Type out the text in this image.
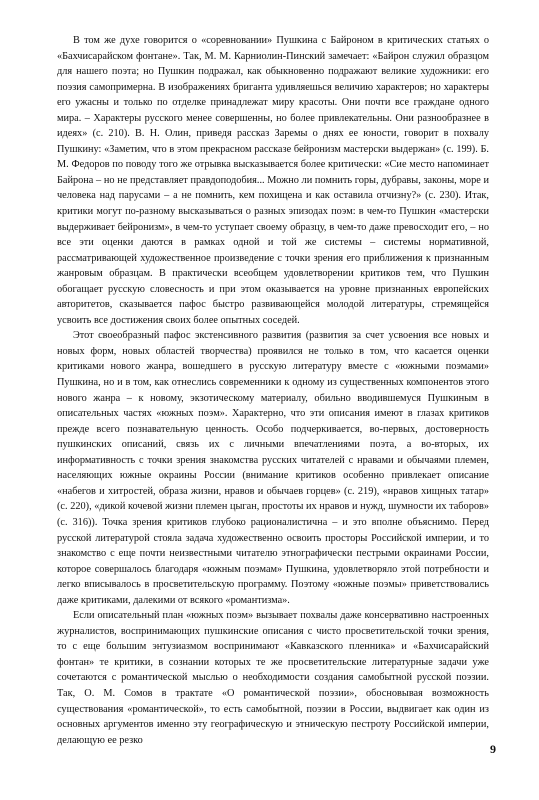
В том же духе говорится о «соревновании» Пушкина с Байроном в критических статьях о «Бахчисарайском фонтане». Так, М. М. Карниолин-Пинский замечает: «Байрон служил образцом для нашего поэта; но Пушкин подражал, как обыкновенно подражают великие художники: его поэзия самопримерна. В изображениях бриганта удивляешься величию характеров; но характеры его ужасны и только по отделке принадлежат миру красоты. Они почти все граждане одного мира. – Характеры русского менее совершенны, но более привлекательны. Они разнообразнее в идеях» (с. 210). В. Н. Олин, приведя рассказ Заремы о днях ее юности, говорит в похвалу Пушкину: «Заметим, что в этом прекрасном рассказе бейронизм мастерски выдержан» (с. 199). Б. М. Федоров по поводу того же отрывка высказывается более критически: «Сие место напоминает Байрона – но не представляет правдоподобия... Можно ли помнить горы, дубравы, законы, море и человека над парусами – а не помнить, кем похищена и как оставила отчизну?» (с. 230). Итак, критики могут по-разному высказываться о разных эпизодах поэм: в чем-то Пушкин «мастерски выдерживает бейронизм», в чем-то уступает своему образцу, в чем-то даже превосходит его, – но все эти оценки даются в рамках одной и той же системы – системы нормативной, рассматривающей художественное произведение с точки зрения его приближения к признанным жанровым образцам. В практически всеобщем удовлетворении критиков тем, что Пушкин обогащает русскую словесность и при этом оказывается на уровне признанных европейских авторитетов, сказывается пафос быстро развивающейся молодой литературы, стремящейся усвоить все достижения своих более опытных соседей.

Этот своеобразный пафос экстенсивного развития (развития за счет усвоения все новых и новых форм, новых областей творчества) проявился не только в том, что касается оценки критиками нового жанра, вошедшего в русскую литературу вместе с «южными поэмами» Пушкина, но и в том, как отнеслись современники к одному из существенных компонентов этого нового жанра – к новому, экзотическому материалу, обильно вводившемуся Пушкиным в описательных частях «южных поэм». Характерно, что эти описания имеют в глазах критиков прежде всего познавательную ценность. Особо подчеркивается, во-первых, достоверность пушкинских описаний, связь их с личными впечатлениями поэта, а во-вторых, их информативность с точки зрения знакомства русских читателей с нравами и обычаями племен, населяющих южные окраины России (внимание критиков особенно привлекает описание «набегов и хитростей, образа жизни, нравов и обычаев горцев» (с. 219), «нравов хищных татар» (с. 220), «дикой кочевой жизни племен цыган, простоты их нравов и нужд, шумности их таборов» (с. 316)). Точка зрения критиков глубоко рационалистична – и это вполне объяснимо. Перед русской литературой стояла задача художественно освоить просторы Российской империи, и то знакомство с еще почти неизвестными читателю этнографически пестрыми окраинами России, которое совершалось благодаря «южным поэмам» Пушкина, удовлетворяло этой потребности и легко вписывалось в просветительскую программу. Поэтому «южные поэмы» приветствовались даже критиками, далекими от всякого «романтизма».

Если описательный план «южных поэм» вызывает похвалы даже консервативно настроенных журналистов, воспринимающих пушкинские описания с чисто просветительской точки зрения, то с еще большим энтузиазмом воспринимают «Кавказского пленника» и «Бахчисарайский фонтан» те критики, в сознании которых те же просветительские литературные задачи уже сочетаются с романтической мыслью о необходимости создания самобытной русской поэзии. Так, О. М. Сомов в трактате «О романтической поэзии», обосновывая возможность существования «романтической», то есть самобытной, поэзии в России, выдвигает как один из основных аргументов именно эту географическую и этническую пестроту Российской империи, делающую ее резко

9
